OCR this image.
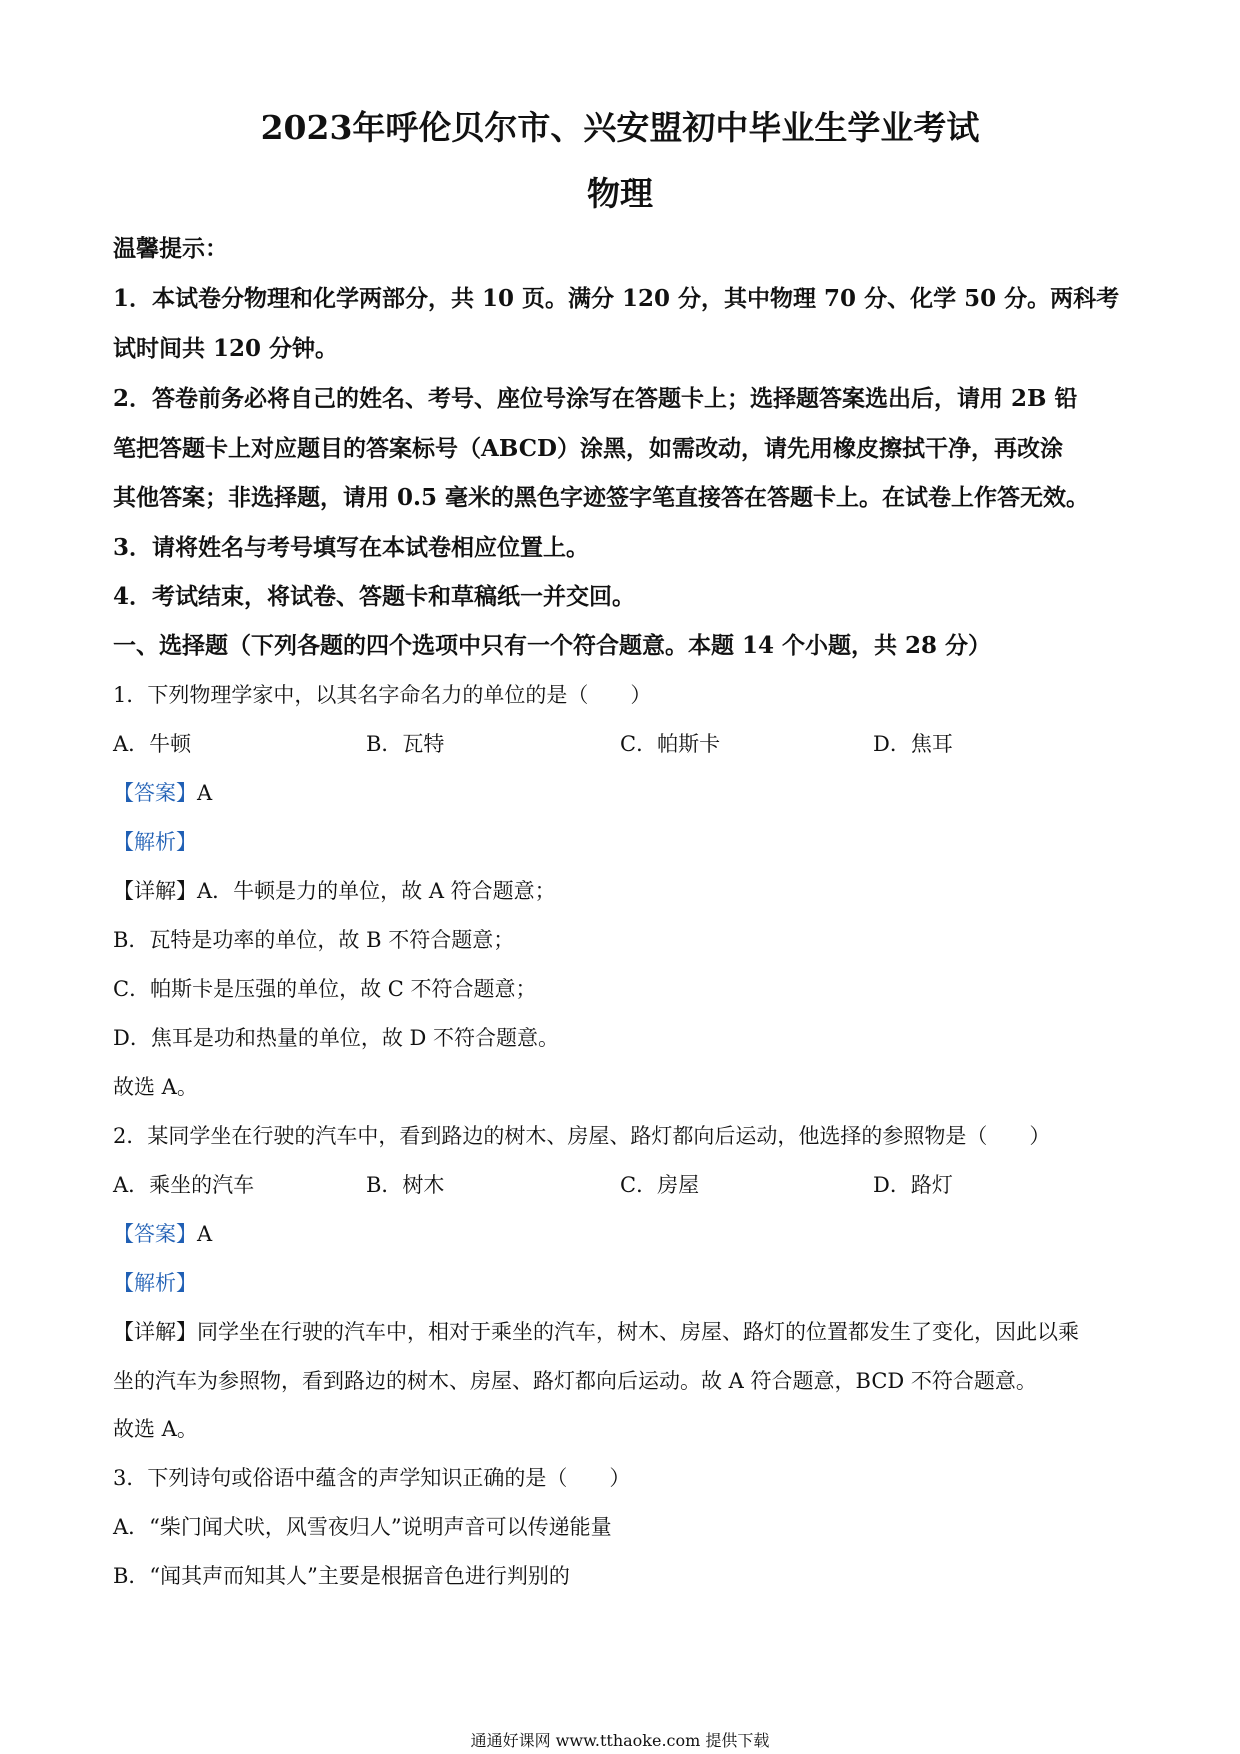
2023年呼伦贝尔市、兴安盟初中毕业生学业考试
物理
温馨提示：
1．本试卷分物理和化学两部分，共 10 页。满分 120 分，其中物理 70 分、化学 50 分。两科考
试时间共 120 分钟。
2．答卷前务必将自己的姓名、考号、座位号涂写在答题卡上；选择题答案选出后，请用 2B 铅
笔把答题卡上对应题目的答案标号（ABCD）涂黑，如需改动，请先用橡皮擦拭干净，再改涂
其他答案；非选择题，请用 0.5 毫米的黑色字迹签字笔直接答在答题卡上。在试卷上作答无效。
3．请将姓名与考号填写在本试卷相应位置上。
4．考试结束，将试卷、答题卡和草稿纸一并交回。
一、选择题（下列各题的四个选项中只有一个符合题意。本题 14 个小题，共 28 分）
1．下列物理学家中，以其名字命名力的单位的是（　　）
A．牛顿	B．瓦特	C．帕斯卡	D．焦耳
【答案】A
【解析】
【详解】A．牛顿是力的单位，故 A 符合题意；
B．瓦特是功率的单位，故 B 不符合题意；
C．帕斯卡是压强的单位，故 C 不符合题意；
D．焦耳是功和热量的单位，故 D 不符合题意。
故选 A。
2．某同学坐在行驶的汽车中，看到路边的树木、房屋、路灯都向后运动，他选择的参照物是（　　）
A．乘坐的汽车	B．树木	C．房屋	D．路灯
【答案】A
【解析】
【详解】同学坐在行驶的汽车中，相对于乘坐的汽车，树木、房屋、路灯的位置都发生了变化，因此以乘
坐的汽车为参照物，看到路边的树木、房屋、路灯都向后运动。故 A 符合题意，BCD 不符合题意。
故选 A。
3．下列诗句或俗语中蕴含的声学知识正确的是（　　）
A．“柴门闻犬吠，风雪夜归人”说明声音可以传递能量
B．“闻其声而知其人”主要是根据音色进行判别的
通通好课网 www.tthaoke.com 提供下载
